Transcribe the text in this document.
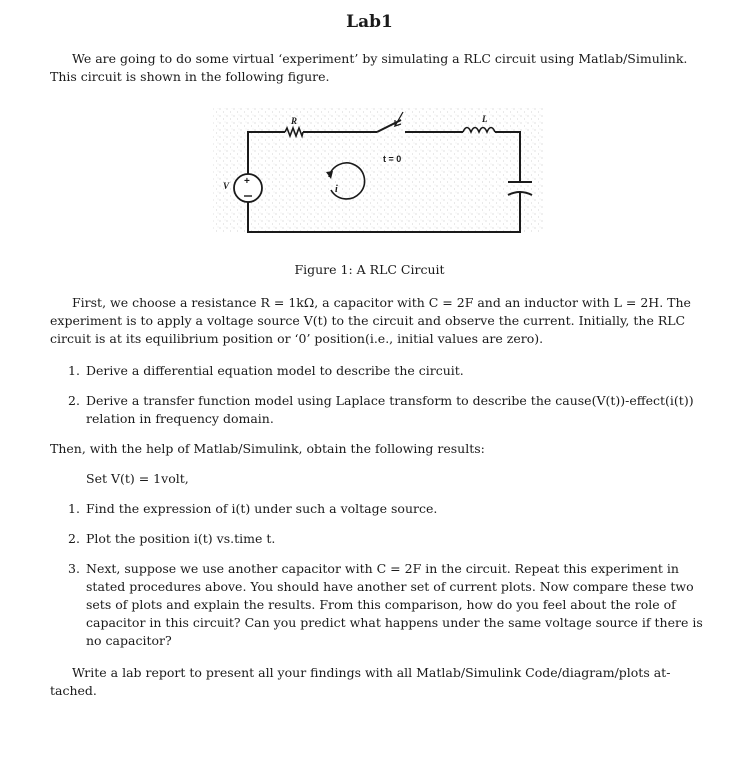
Lab1
We are going to do some virtual ‘experiment’ by simulating a RLC circuit using Matlab/Simulink.
This circuit is shown in the following figure.
R
t = 0
L
+
V	i
Figure 1: A RLC Circuit
First, we choose a resistance R = 1kΩ, a capacitor with C = 2F and an inductor with L = 2H. The
experiment is to apply a voltage source V(t) to the circuit and observe the current. Initially, the RLC
circuit is at its equilibrium position or ‘0’ position(i.e., initial values are zero).
1. Derive a differential equation model to describe the circuit.
2. Derive a transfer function model using Laplace transform to describe the cause(V(t))-effect(i(t))
relation in frequency domain.
Then, with the help of Matlab/Simulink, obtain the following results:
Set V(t) = 1volt,
1. Find the expression of i(t) under such a voltage source.
2. Plot the position i(t) vs.time t.
3. Next, suppose we use another capacitor with C = 2F in the circuit. Repeat this experiment in
stated procedures above. You should have another set of current plots. Now compare these two
sets of plots and explain the results. From this comparison, how do you feel about the role of
capacitor in this circuit? Can you predict what happens under the same voltage source if there is
no capacitor?
Write a lab report to present all your findings with all Matlab/Simulink Code/diagram/plots at-
tached.
